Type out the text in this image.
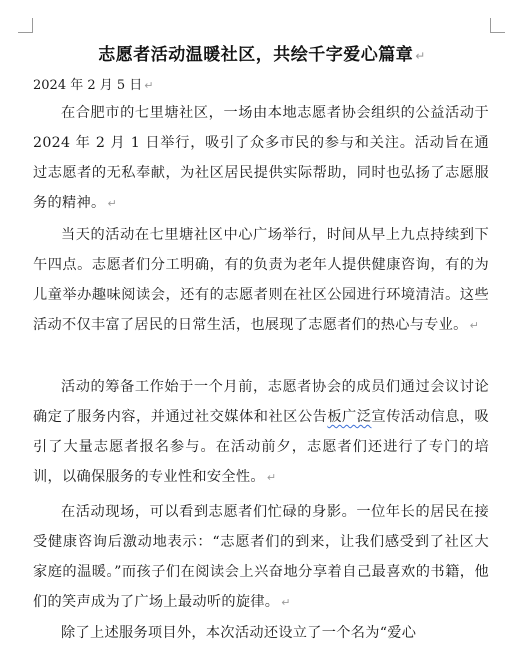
志愿者活动温暖社区，共绘千字爱心篇章 ↵
2024 年 2 月 5 日 ↵

在合肥市的七里塘社区，一场由本地志愿者协会组织的公益活动于 2024 年 2 月 1 日举行，吸引了众多市民的参与和关注。活动旨在通过志愿者的无私奉献，为社区居民提供实际帮助，同时也弘扬了志愿服务的精神。 ↵

当天的活动在七里塘社区中心广场举行，时间从早上九点持续到下午四点。志愿者们分工明确，有的负责为老年人提供健康咨询，有的为儿童举办趣味阅读会，还有的志愿者则在社区公园进行环境清洁。这些活动不仅丰富了居民的日常生活，也展现了志愿者们的热心与专业。 ↵

活动的筹备工作始于一个月前，志愿者协会的成员们通过会议讨论确定了服务内容，并通过社交媒体和社区公告板广泛宣传活动信息，吸引了大量志愿者报名参与。在活动前夕，志愿者们还进行了专门的培训，以确保服务的专业性和安全性。 ↵

在活动现场，可以看到志愿者们忙碌的身影。一位年长的居民在接受健康咨询后激动地表示：“志愿者们的到来，让我们感受到了社区大家庭的温暖。”而孩子们在阅读会上兴奋地分享着自己最喜欢的书籍，他们的笑声成为了广场上最动听的旋律。 ↵

除了上述服务项目外，本次活动还设立了一个名为“爱心
